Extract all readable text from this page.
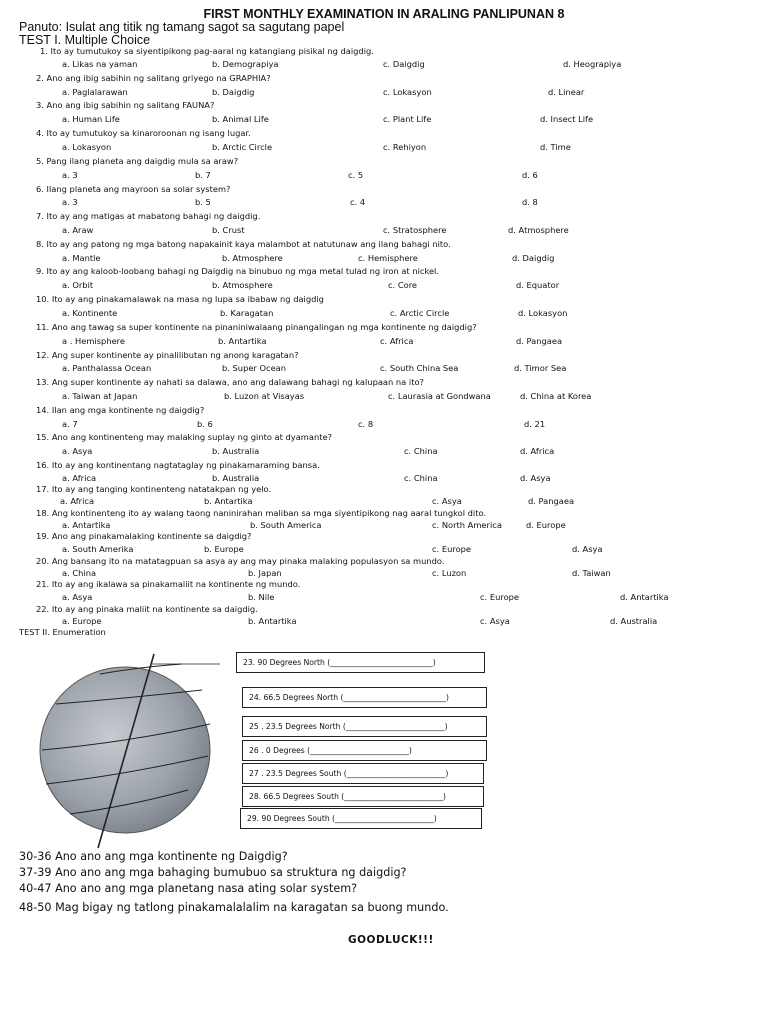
FIRST MONTHLY EXAMINATION IN ARALING PANLIPUNAN 8
Panuto: Isulat ang titik ng tamang sagot sa sagutang papel
TEST I. Multiple Choice
1. Ito ay tumutukoy sa siyentipikong pag-aaral ng katangiang pisikal ng daigdig.
a. Likas na yaman	b. Demograpiya	c. Daigdig	d. Heograpiya
2. Ano ang ibig sabihin ng salitang griyego na GRAPHIA?
a. Paglalarawan	b. Daigdig	c. Lokasyon	d. Linear
3. Ano ang ibig sabihin ng salitang FAUNA?
a. Human Life	b. Animal Life	c. Plant Life	d. Insect Life
4. Ito ay tumutukoy sa kinaroroonan ng isang lugar.
a. Lokasyon	b. Arctic Circle	c. Rehiyon	d. Time
5. Pang ilang planeta ang daigdig mula sa araw?
a. 3	b. 7	c. 5	d. 6
6. Ilang planeta ang mayroon sa solar system?
a. 3	b. 5	c. 4	d. 8
7. Ito ay ang matigas at mabatong bahagi ng daigdig.
a. Araw	b. Crust	c. Stratosphere	d. Atmosphere
8. Ito ay ang patong ng mga batong napakainit kaya malambot at natutunaw ang ilang bahagi nito.
a. Mantle	b. Atmosphere	c. Hemisphere	d. Daigdig
9. Ito ay ang kaloob-loobang bahagi ng Daigdig na binubuo ng mga metal tulad ng iron at nickel.
a. Orbit	b. Atmosphere	c. Core	d. Equator
10. Ito ay ang pinakamalawak na masa ng lupa sa ibabaw ng daigdig
a. Kontinente	b. Karagatan	c. Arctic Circle	d. Lokasyon
11. Ano ang tawag sa super kontinente na pinaniniwalaang pinangalingan ng mga kontinente ng daigdig?
a . Hemisphere	b. Antartika	c. Africa	d. Pangaea
12. Ang super kontinente ay pinalilibutan ng anong karagatan?
a. Panthalassa Ocean	b. Super Ocean	c. South China Sea	d. Timor Sea
13. Ang super kontinente ay nahati sa dalawa, ano ang dalawang bahagi ng kalupaan na ito?
a. Taiwan at Japan	b. Luzon at Visayas	c. Laurasia at Gondwana	d. China at Korea
14. Ilan ang mga kontinente ng daigdig?
a. 7	b. 6	c. 8	d. 21
15. Ano ang kontinenteng may malaking suplay ng ginto at dyamante?
a. Asya	b. Australia	c. China	d. Africa
16. Ito ay ang kontinentang nagtataglay ng pinakamaraming bansa.
a. Africa	b. Australia	c. China	d. Asya
17. Ito ay ang tanging kontinenteng natatakpan ng yelo.
a. Africa	b. Antartika	c. Asya	d. Pangaea
18. Ang kontinenteng ito ay walang taong naninirahan maliban sa mga siyentipikong nag aaral tungkol dito.
a. Antartika	b. South America	c. North America	d. Europe
19. Ano ang pinakamalaking kontinente sa daigdig?
a. South Amerika	b. Europe	c. Europe	d. Asya
20. Ang bansang ito na matatagpuan sa asya ay ang may pinaka malaking populasyon sa mundo.
a. China	b. Japan	c. Luzon	d. Taiwan
21. Ito ay ang ikalawa sa pinakamaliit na kontinente ng mundo.
a. Asya	b. Nile	c. Europe	d. Antartika
22. Ito ay ang pinaka maliit na kontinente sa daigdig.
a. Europe	b. Antartika	c. Asya	d. Australia
TEST II. Enumeration
23. 90 Degrees North (___________________________)
24. 66.5 Degrees North (___________________________)
25 . 23.5 Degrees North (__________________________)
26 . 0 Degrees (__________________________)
27 . 23.5 Degrees South (__________________________)
28. 66.5 Degrees South (__________________________)
29. 90 Degrees South (__________________________)
30-36 Ano ano ang mga kontinente ng Daigdig?
37-39 Ano ano ang mga bahaging bumubuo sa struktura ng daigdig?
40-47 Ano ano ang mga planetang nasa ating solar system?
48-50 Mag bigay ng tatlong pinakamalalalim na karagatan sa buong mundo.
GOODLUCK!!!
